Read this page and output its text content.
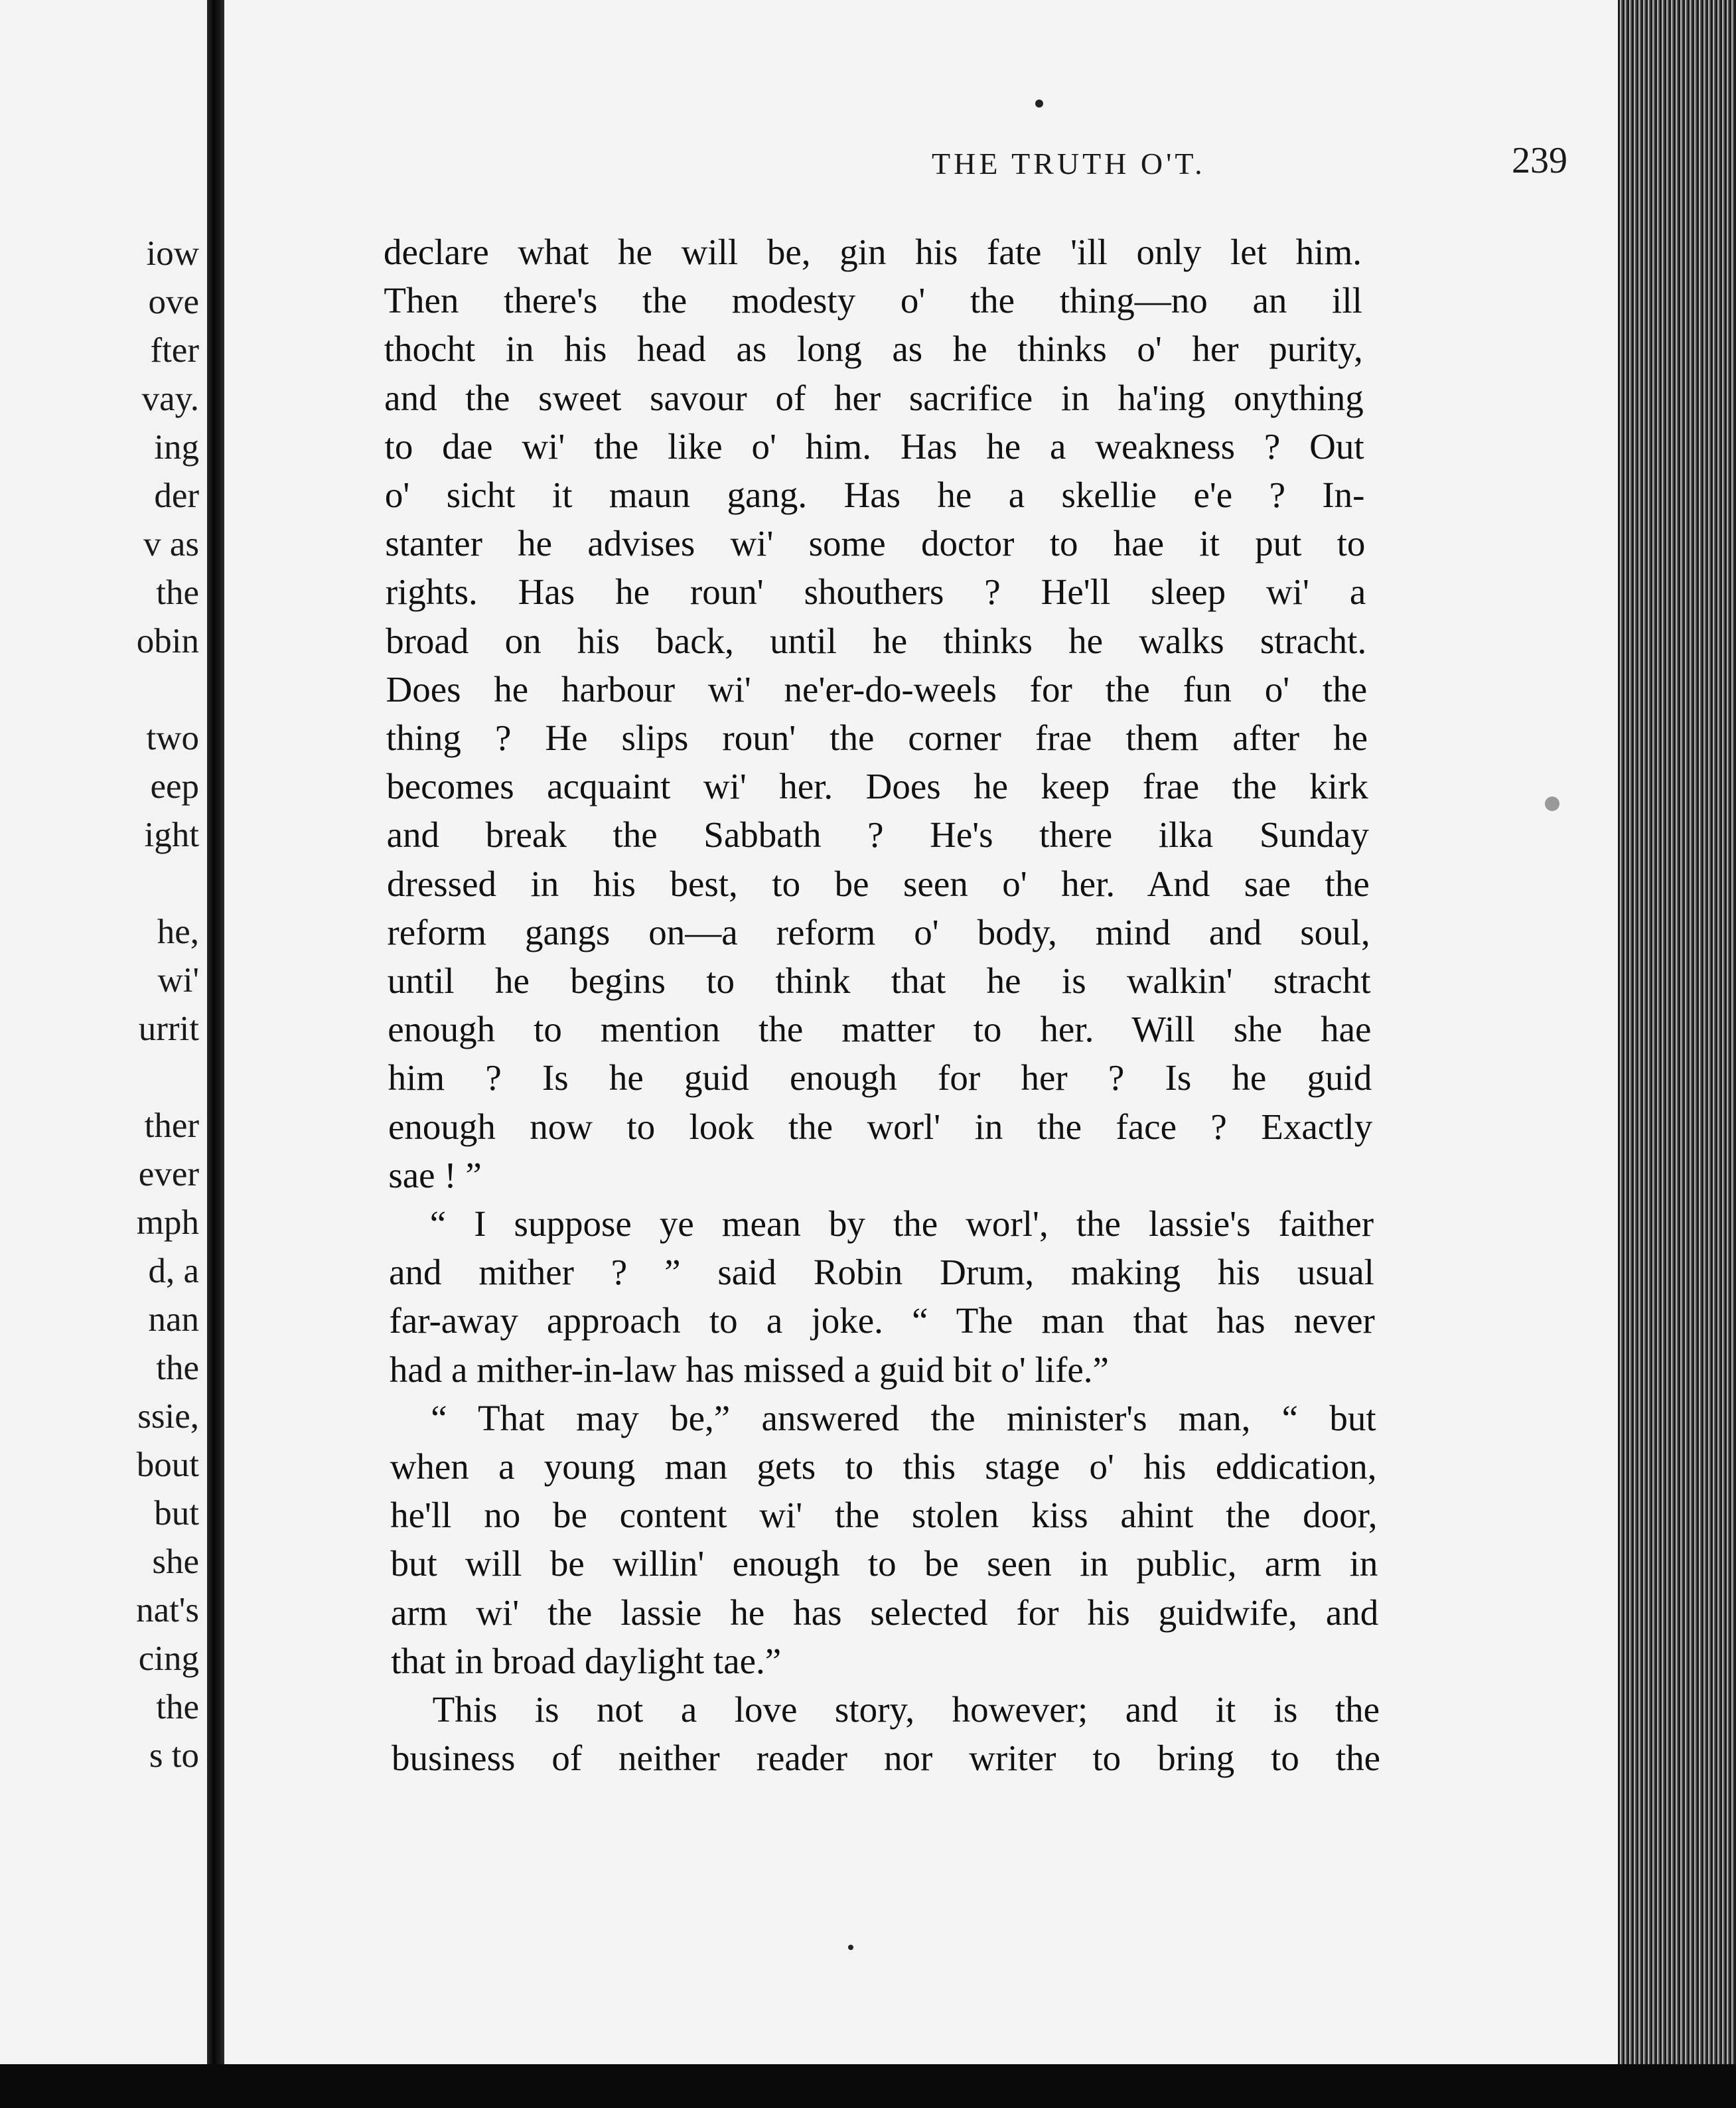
iow
ove
fter
vay.
ing
der
v as
the
obin
two
eep
ight
he,
wi'
urrit
ther
ever
mph
d, a
nan
the
ssie,
bout
but
she
nat's
cing
the
s to
THE TRUTH O'T.	239
declare what he will be, gin his fate 'ill only let him.
Then there's the modesty o' the thing—no an ill
thocht in his head as long as he thinks o' her purity,
and the sweet savour of her sacrifice in ha'ing onything
to dae wi' the like o' him. Has he a weakness ? Out
o' sicht it maun gang. Has he a skellie e'e ? In-
stanter he advises wi' some doctor to hae it put to
rights. Has he roun' shouthers ? He'll sleep wi' a
broad on his back, until he thinks he walks stracht.
Does he harbour wi' ne'er-do-weels for the fun o' the
thing ? He slips roun' the corner frae them after he
becomes acquaint wi' her. Does he keep frae the kirk
and break the Sabbath ? He's there ilka Sunday
dressed in his best, to be seen o' her. And sae the
reform gangs on—a reform o' body, mind and soul,
until he begins to think that he is walkin' stracht
enough to mention the matter to her. Will she hae
him ? Is he guid enough for her ? Is he guid
enough now to look the worl' in the face ? Exactly
sae ! ”
“ I suppose ye mean by the worl', the lassie's faither
and mither ? ” said Robin Drum, making his usual
far-away approach to a joke. “ The man that has never
had a mither-in-law has missed a guid bit o' life.”
“ That may be,” answered the minister's man, “ but
when a young man gets to this stage o' his eddication,
he'll no be content wi' the stolen kiss ahint the door,
but will be willin' enough to be seen in public, arm in
arm wi' the lassie he has selected for his guidwife, and
that in broad daylight tae.”
This is not a love story, however; and it is the
business of neither reader nor writer to bring to the
